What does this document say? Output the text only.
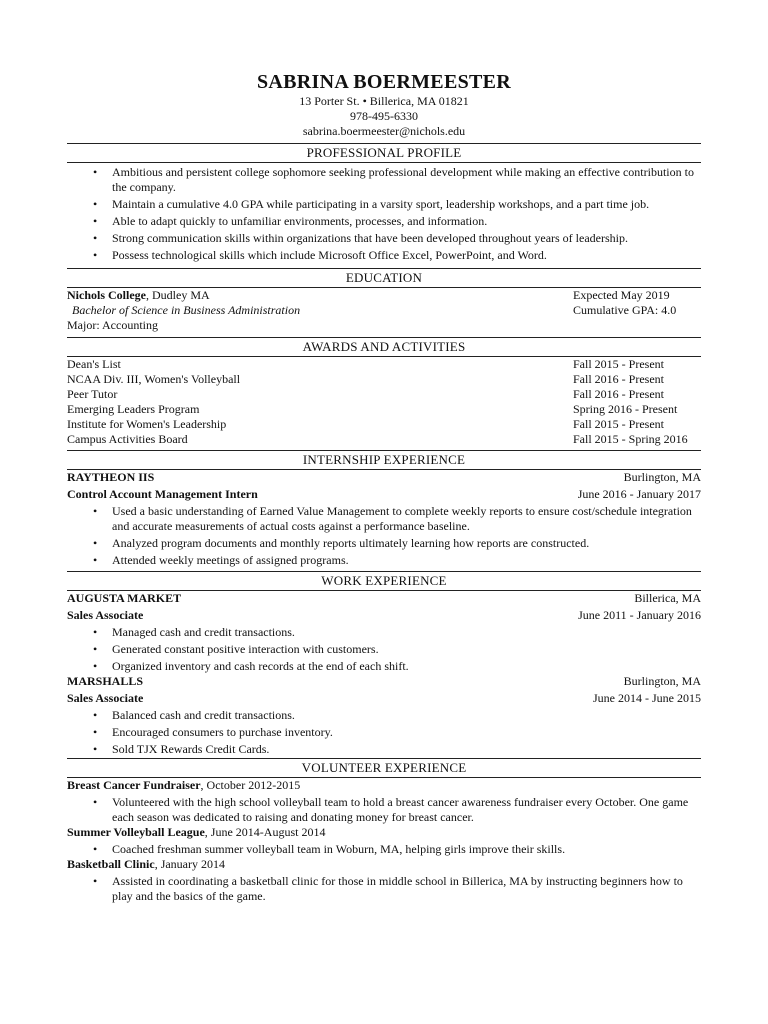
SABRINA BOERMEESTER
13 Porter St. • Billerica, MA 01821
978-495-6330
sabrina.boermeester@nichols.edu
PROFESSIONAL PROFILE
• Ambitious and persistent college sophomore seeking professional development while making an effective contribution to the company.
• Maintain a cumulative 4.0 GPA while participating in a varsity sport, leadership workshops, and a part time job.
• Able to adapt quickly to unfamiliar environments, processes, and information.
• Strong communication skills within organizations that have been developed throughout years of leadership.
• Possess technological skills which include Microsoft Office Excel, PowerPoint, and Word.
EDUCATION
Nichols College, Dudley MA	Expected May 2019
Bachelor of Science in Business Administration	Cumulative GPA: 4.0
Major: Accounting
AWARDS AND ACTIVITIES
Dean's List	Fall 2015 - Present
NCAA Div. III, Women's Volleyball	Fall 2016 - Present
Peer Tutor	Fall 2016 - Present
Emerging Leaders Program	Spring 2016 - Present
Institute for Women's Leadership	Fall 2015 - Present
Campus Activities Board	Fall 2015 - Spring 2016
INTERNSHIP EXPERIENCE
RAYTHEON IIS	Burlington, MA
Control Account Management Intern	June 2016 - January 2017
• Used a basic understanding of Earned Value Management to complete weekly reports to ensure cost/schedule integration and accurate measurements of actual costs against a performance baseline.
• Analyzed program documents and monthly reports ultimately learning how reports are constructed.
• Attended weekly meetings of assigned programs.
WORK EXPERIENCE
AUGUSTA MARKET	Billerica, MA
Sales Associate	June 2011 - January 2016
• Managed cash and credit transactions.
• Generated constant positive interaction with customers.
• Organized inventory and cash records at the end of each shift.
MARSHALLS	Burlington, MA
Sales Associate	June 2014 - June 2015
• Balanced cash and credit transactions.
• Encouraged consumers to purchase inventory.
• Sold TJX Rewards Credit Cards.
VOLUNTEER EXPERIENCE
Breast Cancer Fundraiser, October 2012-2015
• Volunteered with the high school volleyball team to hold a breast cancer awareness fundraiser every October. One game each season was dedicated to raising and donating money for breast cancer.
Summer Volleyball League, June 2014-August 2014
• Coached freshman summer volleyball team in Woburn, MA, helping girls improve their skills.
Basketball Clinic, January 2014
• Assisted in coordinating a basketball clinic for those in middle school in Billerica, MA by instructing beginners how to play and the basics of the game.
